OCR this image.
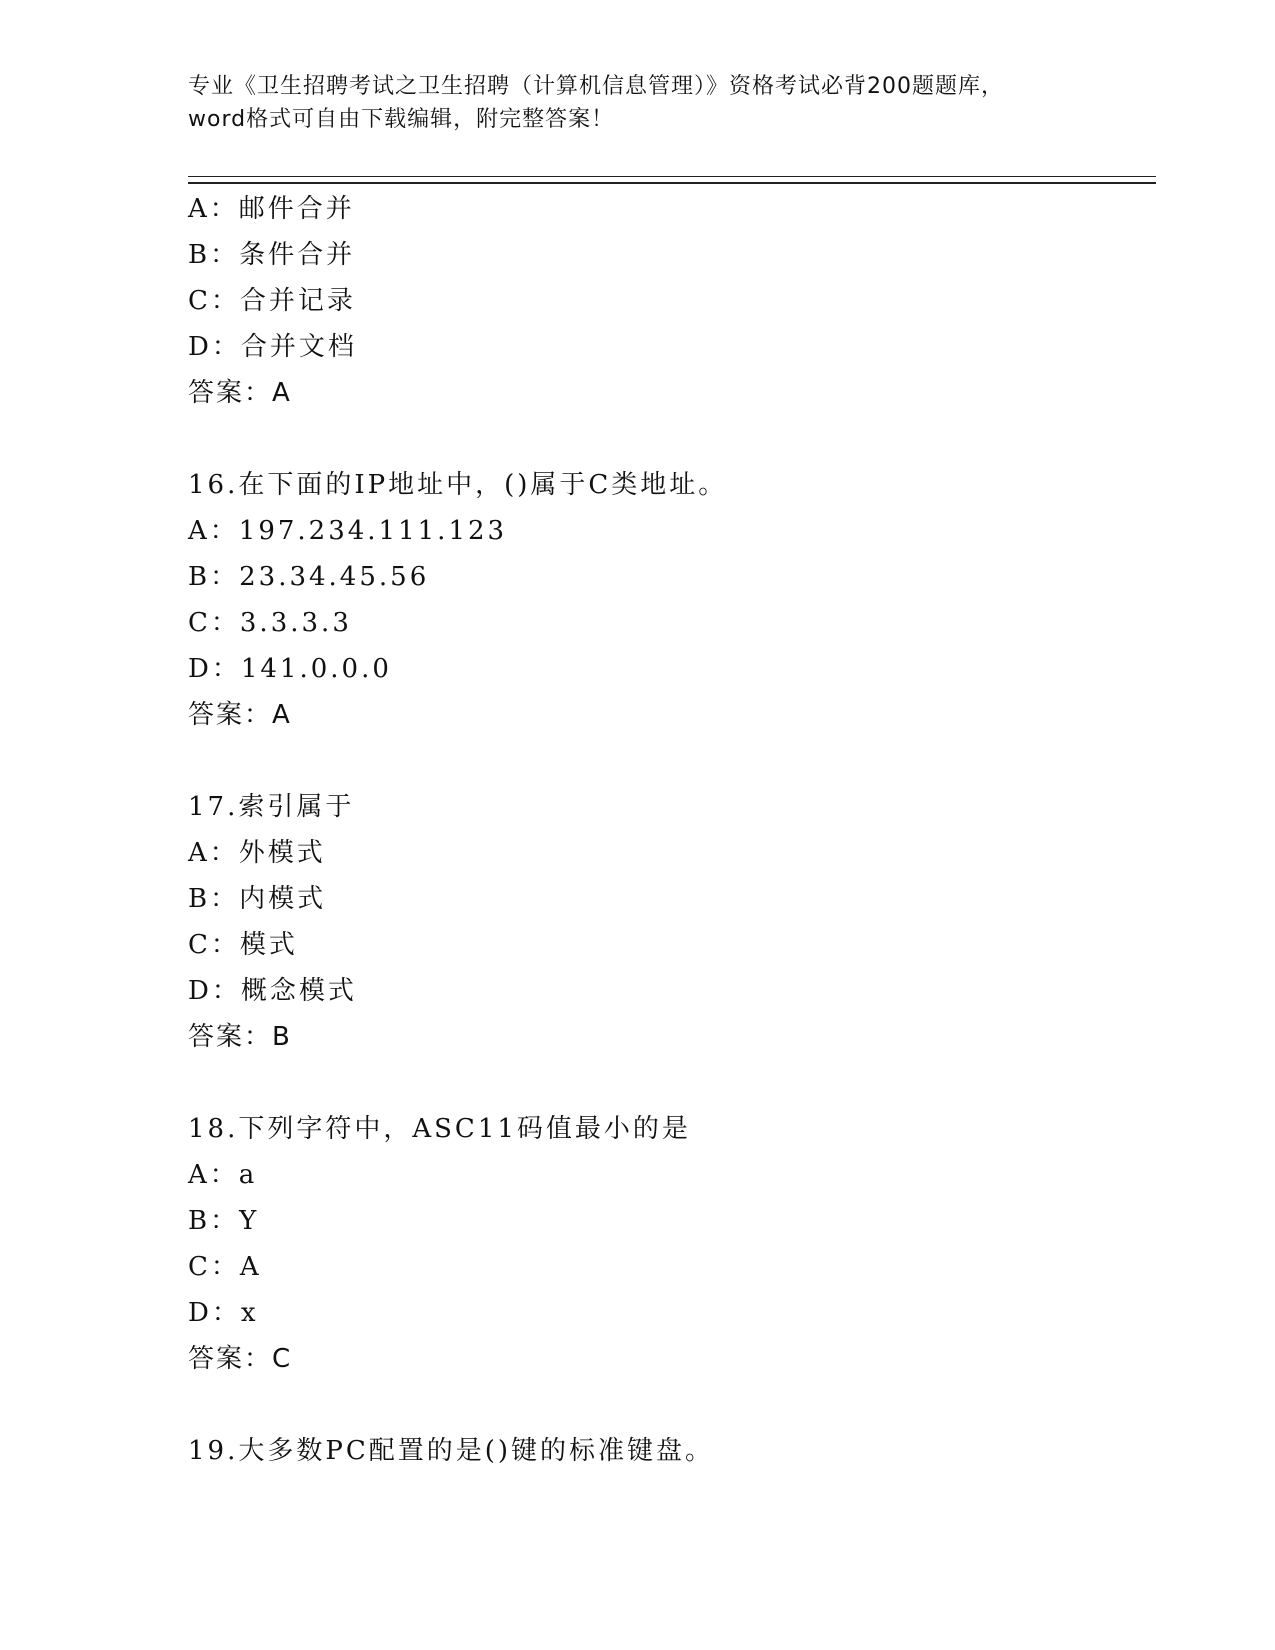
专业《卫生招聘考试之卫生招聘（计算机信息管理）》资格考试必背200题题库，
word格式可自由下载编辑，附完整答案！
A：邮件合并
B：条件合并
C：合并记录
D：合并文档
答案：A
16.在下面的IP地址中，()属于C类地址。
A：197.234.111.123
B：23.34.45.56
C：3.3.3.3
D：141.0.0.0
答案：A
17.索引属于
A：外模式
B：内模式
C：模式
D：概念模式
答案：B
18.下列字符中，ASC11码值最小的是
A：a
B：Y
C：A
D：x
答案：C
19.大多数PC配置的是()键的标准键盘。
